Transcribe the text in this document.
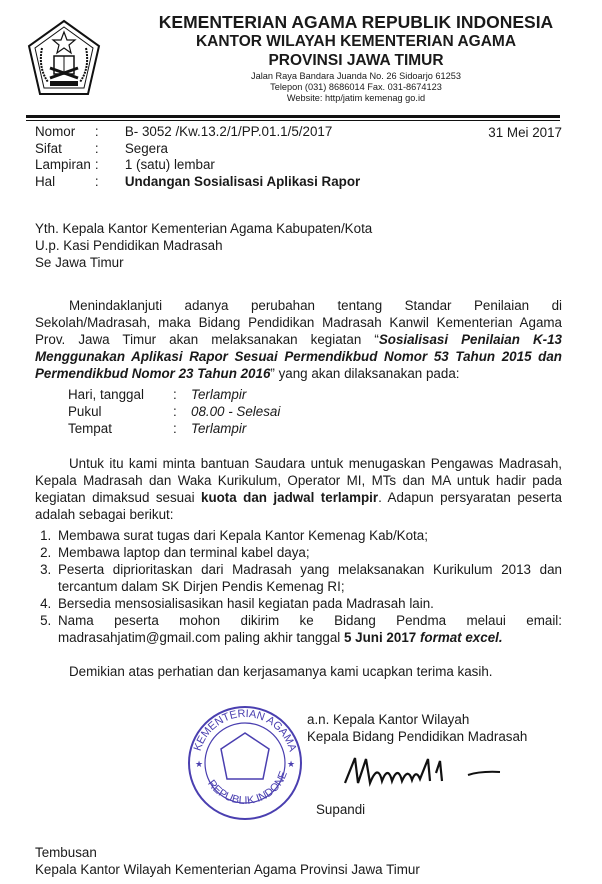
KEMENTERIAN AGAMA REPUBLIK INDONESIA
KANTOR WILAYAH KEMENTERIAN AGAMA
PROVINSI JAWA TIMUR
Jalan Raya Bandara Juanda No. 26 Sidoarjo 61253
Telepon (031) 8686014 Fax. 031-8674123
Website: http/jatim kemenag go.id
Nomor	:	B- 3052 /Kw.13.2/1/PP.01.1/5/2017
Sifat	:	Segera
Lampiran	:	1 (satu) lembar
Hal	:	Undangan Sosialisasi Aplikasi Rapor
31 Mei 2017
Yth. Kepala Kantor Kementerian Agama Kabupaten/Kota
U.p. Kasi Pendidikan Madrasah
Se Jawa Timur
Menindaklanjuti adanya perubahan tentang Standar Penilaian di Sekolah/Madrasah, maka Bidang Pendidikan Madrasah Kanwil Kementerian Agama Prov. Jawa Timur akan melaksanakan kegiatan “Sosialisasi Penilaian K-13 Menggunakan Aplikasi Rapor Sesuai Permendikbud Nomor 53 Tahun 2015 dan Permendikbud Nomor 23 Tahun 2016” yang akan dilaksanakan pada:
Hari, tanggal	:	Terlampir
Pukul	:	08.00 - Selesai
Tempat	:	Terlampir
Untuk itu kami minta bantuan Saudara untuk menugaskan Pengawas Madrasah, Kepala Madrasah dan Waka Kurikulum, Operator MI, MTs dan MA untuk hadir pada kegiatan dimaksud sesuai kuota dan jadwal terlampir. Adapun persyaratan peserta adalah sebagai berikut:
1. Membawa surat tugas dari Kepala Kantor Kemenag Kab/Kota;
2. Membawa laptop dan terminal kabel daya;
3. Peserta diprioritaskan dari Madrasah yang melaksanakan Kurikulum 2013 dan tercantum dalam SK Dirjen Pendis Kemenag RI;
4. Bersedia mensosialisasikan hasil kegiatan pada Madrasah lain.
5. Nama peserta mohon dikirim ke Bidang Pendma melaui email: madrasahjatim@gmail.com paling akhir tanggal 5 Juni 2017 format excel.
Demikian atas perhatian dan kerjasamanya kami ucapkan terima kasih.
KEMENTERIAN AGAMA
REPUBLIK INDONE
★	★
a.n. Kepala Kantor Wilayah
Kepala Bidang Pendidikan Madrasah
Supandi
Tembusan
Kepala Kantor Wilayah Kementerian Agama Provinsi Jawa Timur
